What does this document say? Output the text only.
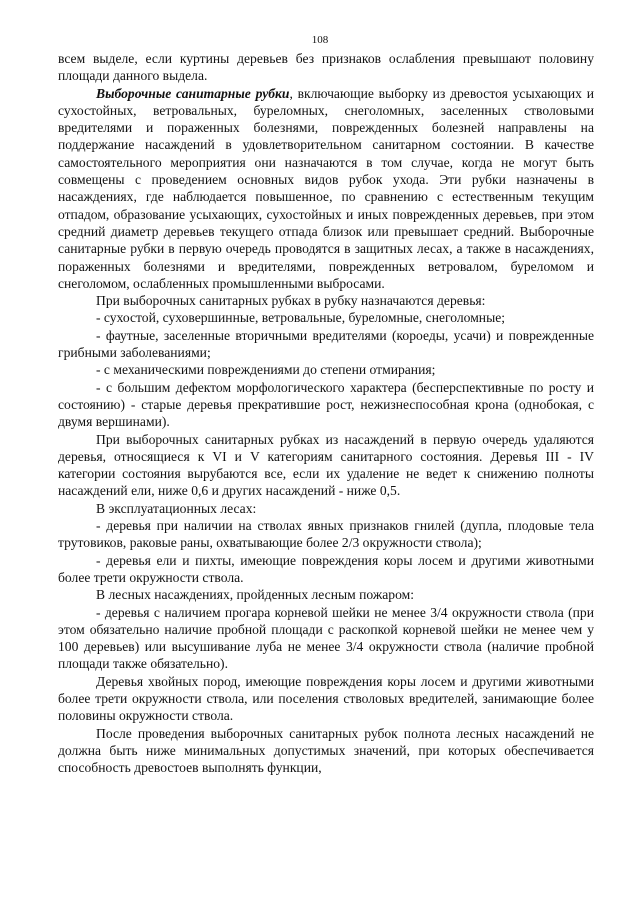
108

всем выделе, если куртины деревьев без признаков ослабления превышают половину площади данного выдела.

Выборочные санитарные рубки, включающие выборку из древостоя усыхающих и сухостойных, ветровальных, буреломных, снеголомных, заселенных стволовыми вредителями и пораженных болезнями, поврежденных болезней направлены на поддержание насаждений в удовлетворительном санитарном состоянии. В качестве самостоятельного мероприятия они назначаются в том случае, когда не могут быть совмещены с проведением основных видов рубок ухода. Эти рубки назначены в насаждениях, где наблюдается повышенное, по сравнению с естественным текущим отпадом, образование усыхающих, сухостойных и иных поврежденных деревьев, при этом средний диаметр деревьев текущего отпада близок или превышает средний. Выборочные санитарные рубки в первую очередь проводятся в защитных лесах, а также в насаждениях, пораженных болезнями и вредителями, поврежденных ветровалом, буреломом и снеголомом, ослабленных промышленными выбросами.

При выборочных санитарных рубках в рубку назначаются деревья:

- сухостой, суховершинные, ветровальные, буреломные, снеголомные;

- фаутные, заселенные вторичными вредителями (короеды, усачи) и поврежденные грибными заболеваниями;

- с механическими повреждениями до степени отмирания;

- с большим дефектом морфологического характера (бесперспективные по росту и состоянию) - старые деревья прекратившие рост, нежизнеспособная крона (однобокая, с двумя вершинами).

При выборочных санитарных рубках из насаждений в первую очередь удаляются деревья, относящиеся к VI и V категориям санитарного состояния. Деревья III - IV категории состояния вырубаются все, если их удаление не ведет к снижению полноты насаждений ели, ниже 0,6 и других насаждений - ниже 0,5.

В эксплуатационных лесах:

- деревья при наличии на стволах явных признаков гнилей (дупла, плодовые тела трутовиков, раковые раны, охватывающие более 2/3 окружности ствола);

- деревья ели и пихты, имеющие повреждения коры лосем и другими животными более трети окружности ствола.

В лесных насаждениях, пройденных лесным пожаром:

- деревья с наличием прогара корневой шейки не менее 3/4 окружности ствола (при этом обязательно наличие пробной площади с раскопкой корневой шейки не менее чем у 100 деревьев) или высушивание луба не менее 3/4 окружности ствола (наличие пробной площади также обязательно).

Деревья хвойных пород, имеющие повреждения коры лосем и другими животными более трети окружности ствола, или поселения стволовых вредителей, занимающие более половины окружности ствола.

После проведения выборочных санитарных рубок полнота лесных насаждений не должна быть ниже минимальных допустимых значений, при которых обеспечивается способность древостоев выполнять функции,
